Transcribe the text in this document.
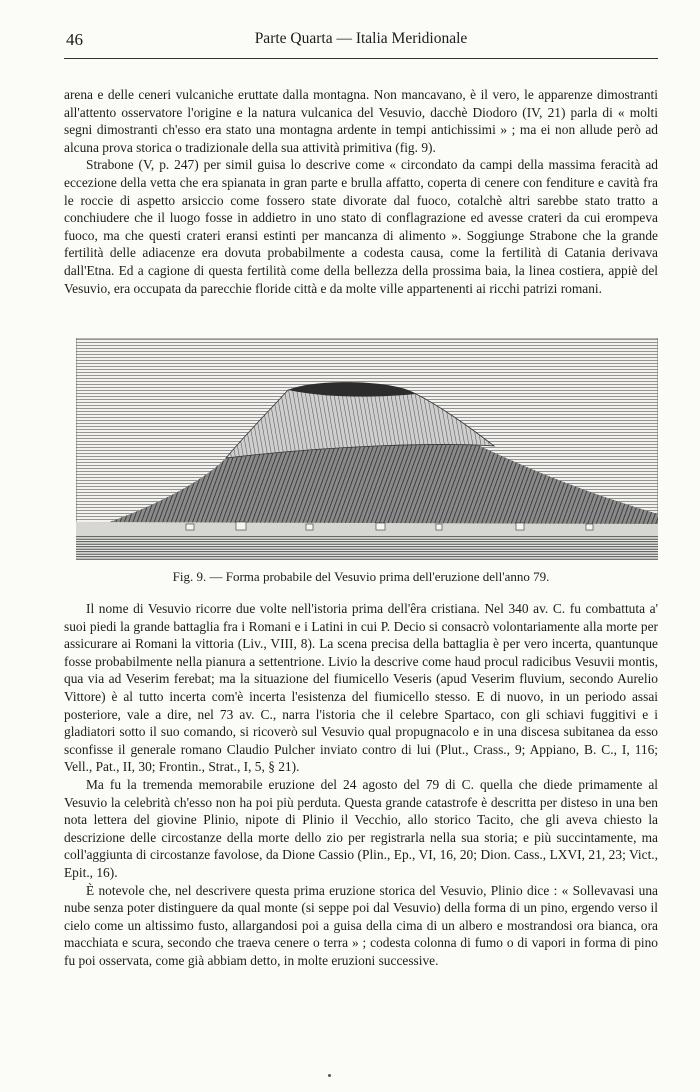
46	Parte Quarta — Italia Meridionale

arena e delle ceneri vulcaniche eruttate dalla montagna. Non mancavano, è il vero, le apparenze dimostranti all'attento osservatore l'origine e la natura vulcanica del Vesuvio, dacchè Diodoro (IV, 21) parla di « molti segni dimostranti ch'esso era stato una montagna ardente in tempi antichissimi » ; ma ei non allude però ad alcuna prova storica o tradizionale della sua attività primitiva (fig. 9).

Strabone (V, p. 247) per simil guisa lo descrive come « circondato da campi della massima feracità ad eccezione della vetta che era spianata in gran parte e brulla affatto, coperta di cenere con fenditure e cavità fra le roccie di aspetto arsiccio come fossero state divorate dal fuoco, cotalchè altri sarebbe stato tratto a conchiudere che il luogo fosse in addietro in uno stato di conflagrazione ed avesse crateri da cui erompeva fuoco, ma che questi crateri eransi estinti per mancanza di alimento ». Soggiunge Strabone che la grande fertilità delle adiacenze era dovuta probabilmente a codesta causa, come la fertilità di Catania derivava dall'Etna. Ed a cagione di questa fertilità come della bellezza della prossima baia, la linea costiera, appiè del Vesuvio, era occupata da parecchie floride città e da molte ville appartenenti ai ricchi patrizi romani.

Fig. 9. — Forma probabile del Vesuvio prima dell'eruzione dell'anno 79.

Il nome di Vesuvio ricorre due volte nell'istoria prima dell'êra cristiana. Nel 340 av. C. fu combattuta a' suoi piedi la grande battaglia fra i Romani e i Latini in cui P. Decio si consacrò volontariamente alla morte per assicurare ai Romani la vittoria (Liv., VIII, 8). La scena precisa della battaglia è per vero incerta, quantunque fosse probabilmente nella pianura a settentrione. Livio la descrive come haud procul radicibus Vesuvii montis, qua via ad Veserim ferebat; ma la situazione del fiumicello Veseris (apud Veserim fluvium, secondo Aurelio Vittore) è al tutto incerta com'è incerta l'esistenza del fiumicello stesso. E di nuovo, in un periodo assai posteriore, vale a dire, nel 73 av. C., narra l'istoria che il celebre Spartaco, con gli schiavi fuggitivi e i gladiatori sotto il suo comando, si ricoverò sul Vesuvio qual propugnacolo e in una discesa subitanea da esso sconfisse il generale romano Claudio Pulcher inviato contro di lui (Plut., Crass., 9; Appiano, B. C., I, 116; Vell., Pat., II, 30; Frontin., Strat., I, 5, § 21).

Ma fu la tremenda memorabile eruzione del 24 agosto del 79 di C. quella che diede primamente al Vesuvio la celebrità ch'esso non ha poi più perduta. Questa grande catastrofe è descritta per disteso in una ben nota lettera del giovine Plinio, nipote di Plinio il Vecchio, allo storico Tacito, che gli aveva chiesto la descrizione delle circostanze della morte dello zio per registrarla nella sua storia; e più succintamente, ma coll'aggiunta di circostanze favolose, da Dione Cassio (Plin., Ep., VI, 16, 20; Dion. Cass., LXVI, 21, 23; Vict., Epit., 16).

È notevole che, nel descrivere questa prima eruzione storica del Vesuvio, Plinio dice : « Sollevavasi una nube senza poter distinguere da qual monte (si seppe poi dal Vesuvio) della forma di un pino, ergendo verso il cielo come un altissimo fusto, allargandosi poi a guisa della cima di un albero e mostrandosi ora bianca, ora macchiata e scura, secondo che traeva cenere o terra » ; codesta colonna di fumo o di vapori in forma di pino fu poi osservata, come già abbiam detto, in molte eruzioni successive.
